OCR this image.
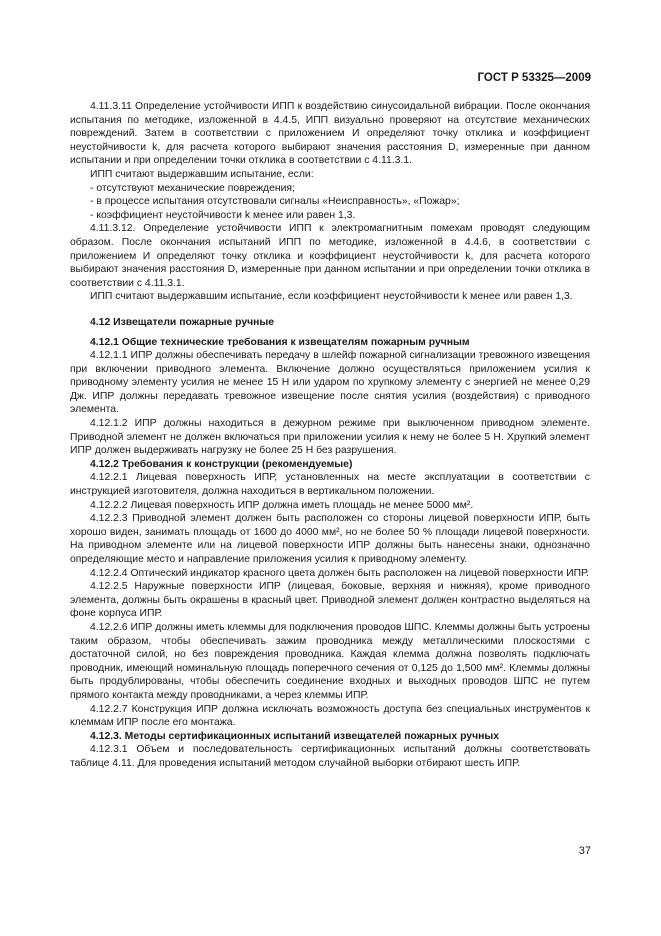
ГОСТ Р 53325—2009

4.11.3.11 Определение устойчивости ИПП к воздействию синусоидальной вибрации. После окончания испытания по методике, изложенной в 4.4.5, ИПП визуально проверяют на отсутствие механических повреждений. Затем в соответствии с приложением И определяют точку отклика и коэффициент неустойчивости k, для расчета которого выбирают значения расстояния D, измеренные при данном испытании и при определении точки отклика в соответствии с 4.11.3.1.

ИПП считают выдержавшим испытание, если:

- отсутствуют механические повреждения;

- в процессе испытания отсутствовали сигналы «Неисправность», «Пожар»;

- коэффициент неустойчивости k менее или равен 1,3.

4.11.3.12. Определение устойчивости ИПП к электромагнитным помехам проводят следующим образом. После окончания испытаний ИПП по методике, изложенной в 4.4.6, в соответствии с приложением И определяют точку отклика и коэффициент неустойчивости k, для расчета которого выбирают значения расстояния D, измеренные при данном испытании и при определении точки отклика в соответствии с 4.11.3.1.

ИПП считают выдержавшим испытание, если коэффициент неустойчивости k менее или равен 1,3.

4.12 Извещатели пожарные ручные

4.12.1 Общие технические требования к извещателям пожарным ручным

4.12.1.1 ИПР должны обеспечивать передачу в шлейф пожарной сигнализации тревожного извещения при включении приводного элемента. Включение должно осуществляться приложением усилия к приводному элементу усилия не менее 15 Н или ударом по хрупкому элементу с энергией не менее 0,29 Дж. ИПР должны передавать тревожное извещение после снятия усилия (воздействия) с приводного элемента.

4.12.1.2 ИПР должны находиться в дежурном режиме при выключенном приводном элементе. Приводной элемент не должен включаться при приложении усилия к нему не более 5 Н. Хрупкий элемент ИПР должен выдерживать нагрузку не более 25 Н без разрушения.

4.12.2 Требования к конструкции (рекомендуемые)

4.12.2.1 Лицевая поверхность ИПР, установленных на месте эксплуатации в соответствии с инструкцией изготовителя, должна находиться в вертикальном положении.

4.12.2.2 Лицевая поверхность ИПР должна иметь площадь не менее 5000 мм².

4.12.2.3 Приводной элемент должен быть расположен со стороны лицевой поверхности ИПР, быть хорошо виден, занимать площадь от 1600 до 4000 мм², но не более 50 % площади лицевой поверхности. На приводном элементе или на лицевой поверхности ИПР должны быть нанесены знаки, однозначно определяющие место и направление приложения усилия к приводному элементу.

4.12.2.4 Оптический индикатор красного цвета должен быть расположен на лицевой поверхности ИПР.

4.12.2.5 Наружные поверхности ИПР (лицевая, боковые, верхняя и нижняя), кроме приводного элемента, должны быть окрашены в красный цвет. Приводной элемент должен контрастно выделяться на фоне корпуса ИПР.

4.12.2.6 ИПР должны иметь клеммы для подключения проводов ШПС. Клеммы должны быть устроены таким образом, чтобы обеспечивать зажим проводника между металлическими плоскостями с достаточной силой, но без повреждения проводника. Каждая клемма должна позволять подключать проводник, имеющий номинальную площадь поперечного сечения от 0,125 до 1,500 мм². Клеммы должны быть продублированы, чтобы обеспечить соединение входных и выходных проводов ШПС не путем прямого контакта между проводниками, а через клеммы ИПР.

4.12.2.7 Конструкция ИПР должна исключать возможность доступа без специальных инструментов к клеммам ИПР после его монтажа.

4.12.3. Методы сертификационных испытаний извещателей пожарных ручных

4.12.3.1 Объем и последовательность сертификационных испытаний должны соответствовать таблице 4.11. Для проведения испытаний методом случайной выборки отбирают шесть ИПР.

37
